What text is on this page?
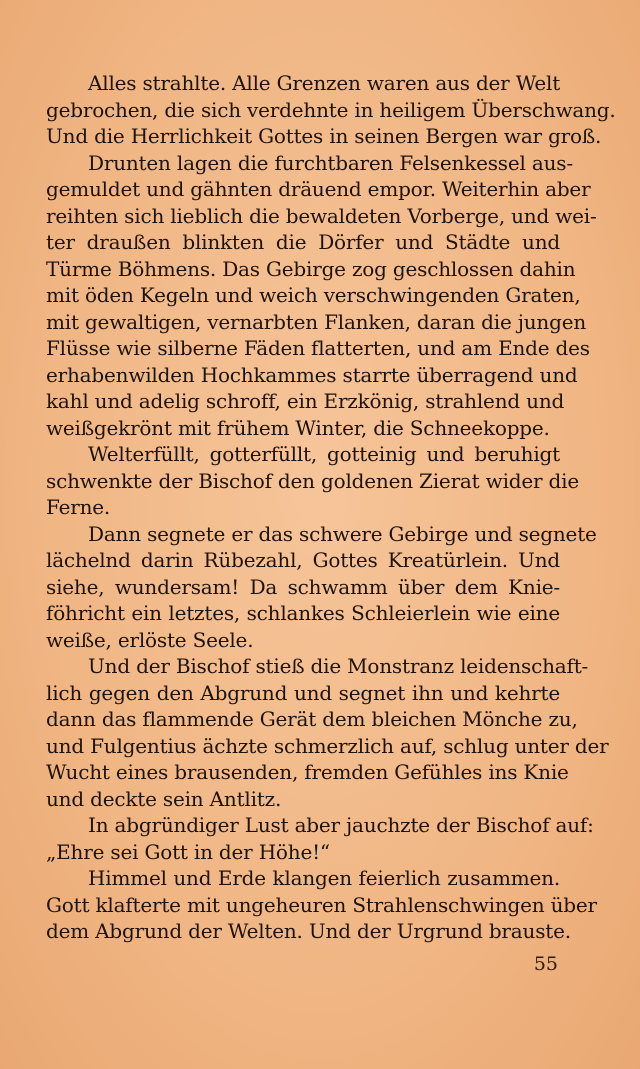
Alles strahlte. Alle Grenzen waren aus der Welt
gebrochen, die sich verdehnte in heiligem Überschwang.
Und die Herrlichkeit Gottes in seinen Bergen war groß.
Drunten lagen die furchtbaren Felsenkessel aus-
gemuldet und gähnten dräuend empor. Weiterhin aber
reihten sich lieblich die bewaldeten Vorberge, und wei-
ter draußen blinkten die Dörfer und Städte und
Türme Böhmens. Das Gebirge zog geschlossen dahin
mit öden Kegeln und weich verschwingenden Graten,
mit gewaltigen, vernarbten Flanken, daran die jungen
Flüsse wie silberne Fäden flatterten, und am Ende des
erhabenwilden Hochkammes starrte überragend und
kahl und adelig schroff, ein Erzkönig, strahlend und
weißgekrönt mit frühem Winter, die Schneekoppe.
Welterfüllt, gotterfüllt, gotteinig und beruhigt
schwenkte der Bischof den goldenen Zierat wider die
Ferne.
Dann segnete er das schwere Gebirge und segnete
lächelnd darin Rübezahl, Gottes Kreatürlein. Und
siehe, wundersam! Da schwamm über dem Knie-
föhricht ein letztes, schlankes Schleierlein wie eine
weiße, erlöste Seele.
Und der Bischof stieß die Monstranz leidenschaft-
lich gegen den Abgrund und segnet ihn und kehrte
dann das flammende Gerät dem bleichen Mönche zu,
und Fulgentius ächzte schmerzlich auf, schlug unter der
Wucht eines brausenden, fremden Gefühles ins Knie
und deckte sein Antlitz.
In abgründiger Lust aber jauchzte der Bischof auf:
„Ehre sei Gott in der Höhe!“
Himmel und Erde klangen feierlich zusammen.
Gott klafterte mit ungeheuren Strahlenschwingen über
dem Abgrund der Welten. Und der Urgrund brauste.
55
